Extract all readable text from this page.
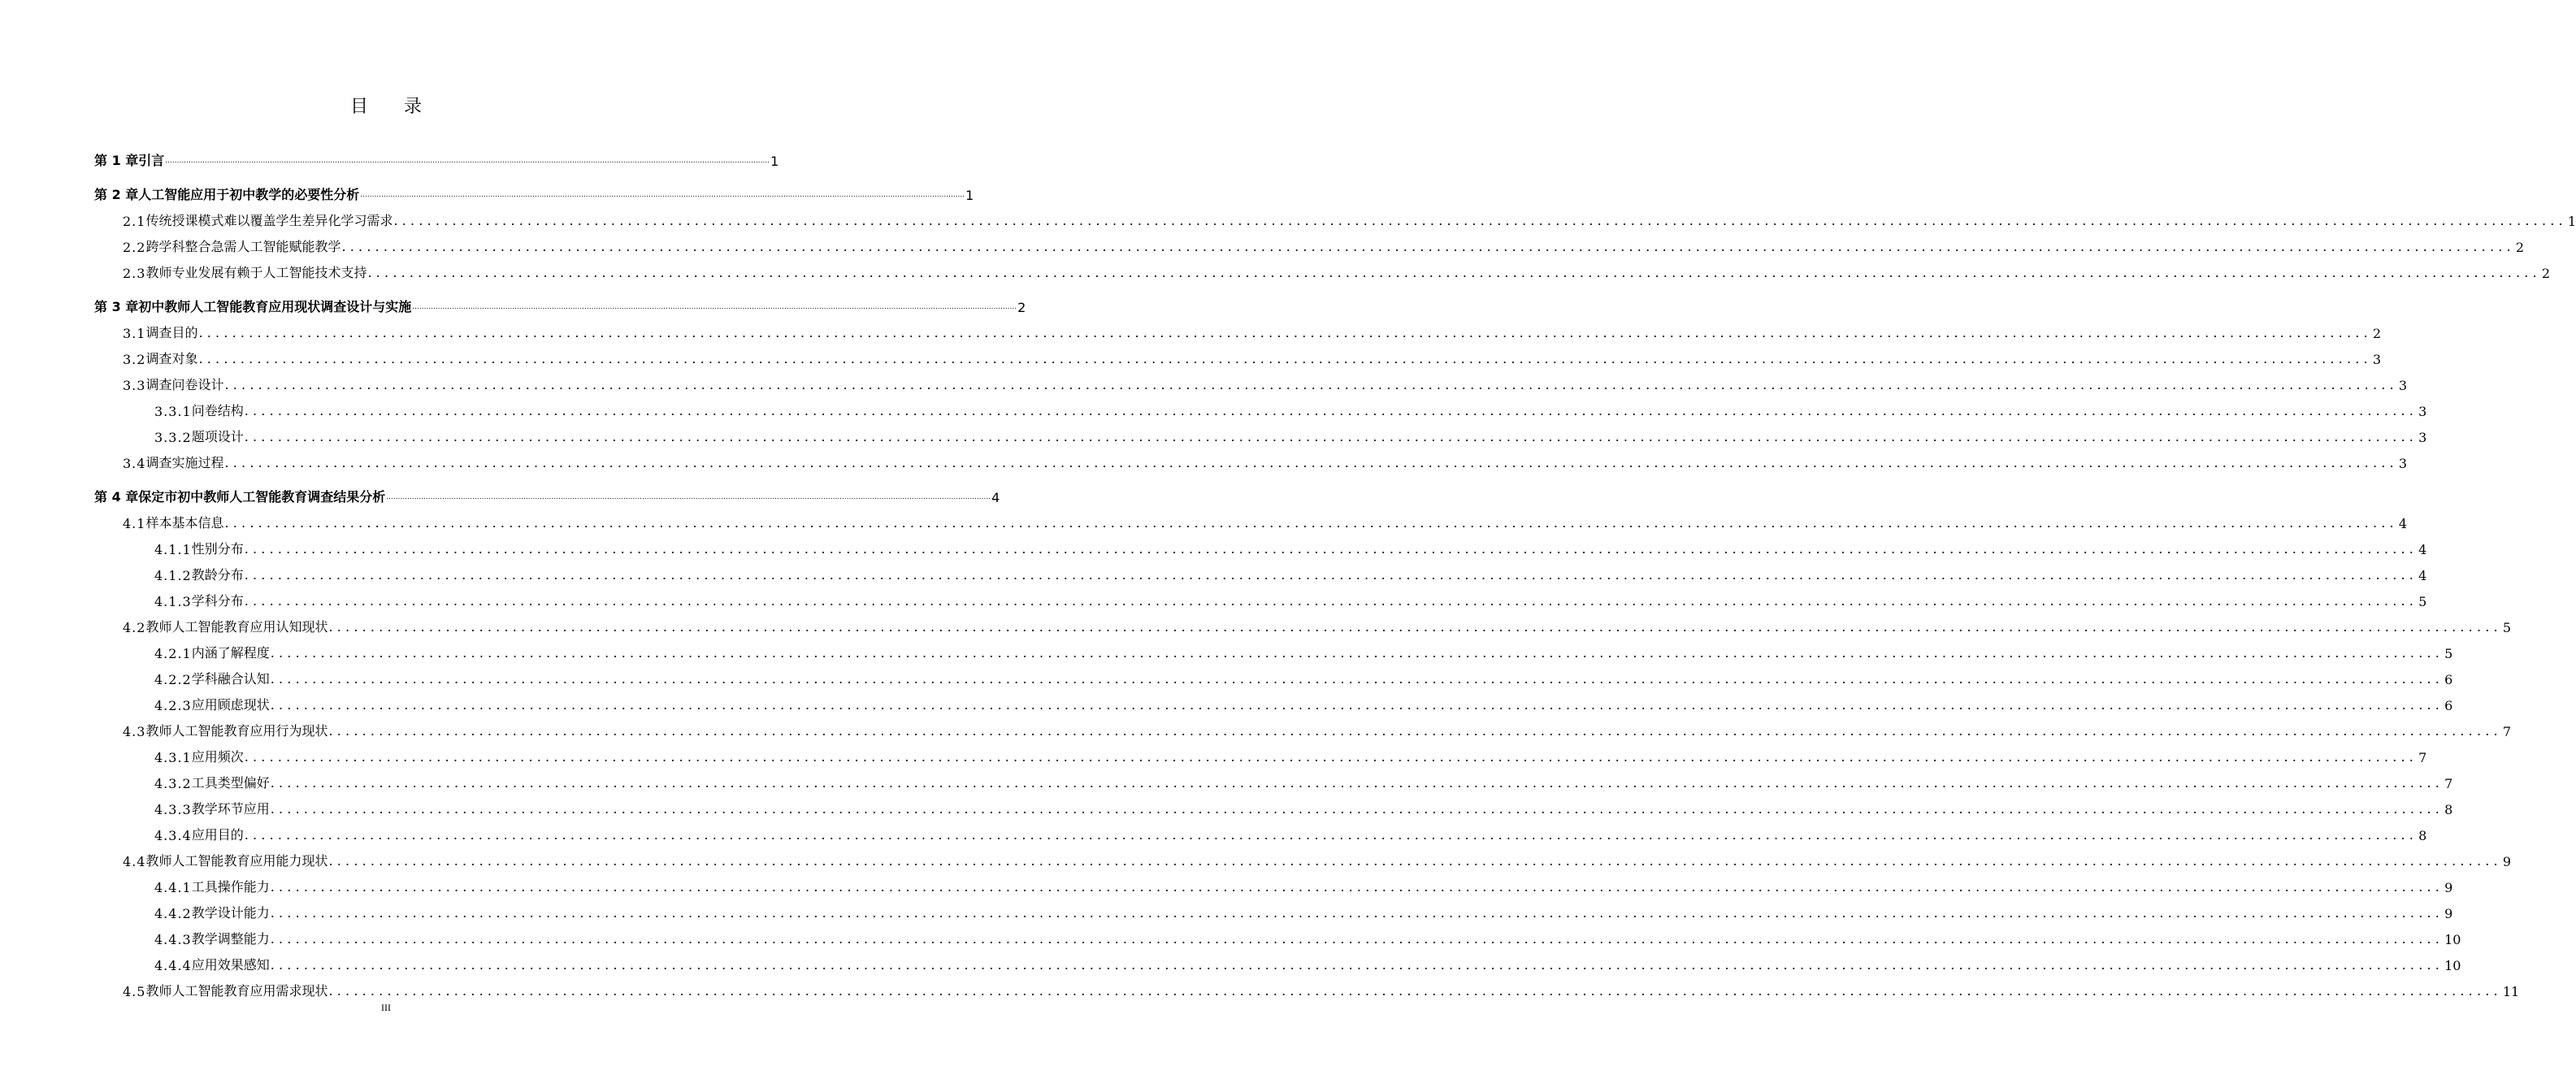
目　　录
第 1 章 引言 .................................................................................................................................................................................................................................................................... 1
第 2 章 人工智能应用于初中教学的必要性分析 .................................................................................................................................................................................................................................................................... 1
2.1 传统授课模式难以覆盖学生差异化学习需求 .................................................................................................................................................................................................................................................................... 1
2.2 跨学科整合急需人工智能赋能教学 .................................................................................................................................................................................................................................................................... 2
2.3 教师专业发展有赖于人工智能技术支持 .................................................................................................................................................................................................................................................................... 2
第 3 章 初中教师人工智能教育应用现状调查设计与实施 .................................................................................................................................................................................................................................................................... 2
3.1 调查目的 .................................................................................................................................................................................................................................................................... 2
3.2 调查对象 .................................................................................................................................................................................................................................................................... 3
3.3 调查问卷设计 .................................................................................................................................................................................................................................................................... 3
3.3.1 问卷结构 .................................................................................................................................................................................................................................................................... 3
3.3.2 题项设计 .................................................................................................................................................................................................................................................................... 3
3.4 调查实施过程 .................................................................................................................................................................................................................................................................... 3
第 4 章 保定市初中教师人工智能教育调查结果分析 .................................................................................................................................................................................................................................................................... 4
4.1 样本基本信息 .................................................................................................................................................................................................................................................................... 4
4.1.1 性别分布 .................................................................................................................................................................................................................................................................... 4
4.1.2 教龄分布 .................................................................................................................................................................................................................................................................... 4
4.1.3 学科分布 .................................................................................................................................................................................................................................................................... 5
4.2 教师人工智能教育应用认知现状 .................................................................................................................................................................................................................................................................... 5
4.2.1 内涵了解程度 .................................................................................................................................................................................................................................................................... 5
4.2.2 学科融合认知 .................................................................................................................................................................................................................................................................... 6
4.2.3 应用顾虑现状 .................................................................................................................................................................................................................................................................... 6
4.3 教师人工智能教育应用行为现状 .................................................................................................................................................................................................................................................................... 7
4.3.1 应用频次 .................................................................................................................................................................................................................................................................... 7
4.3.2 工具类型偏好 .................................................................................................................................................................................................................................................................... 7
4.3.3 教学环节应用 .................................................................................................................................................................................................................................................................... 8
4.3.4 应用目的 .................................................................................................................................................................................................................................................................... 8
4.4 教师人工智能教育应用能力现状 .................................................................................................................................................................................................................................................................... 9
4.4.1 工具操作能力 .................................................................................................................................................................................................................................................................... 9
4.4.2 教学设计能力 .................................................................................................................................................................................................................................................................... 9
4.4.3 教学调整能力 .................................................................................................................................................................................................................................................................... 10
4.4.4 应用效果感知 .................................................................................................................................................................................................................................................................... 10
4.5 教师人工智能教育应用需求现状 .................................................................................................................................................................................................................................................................... 11
III
